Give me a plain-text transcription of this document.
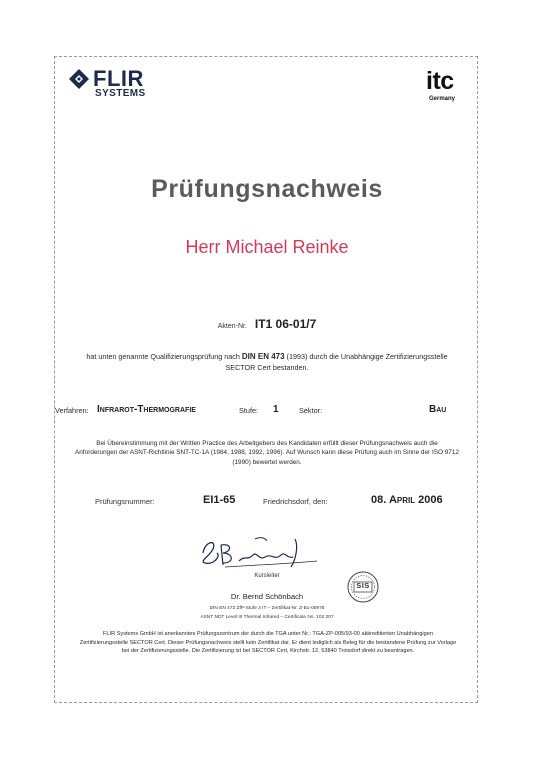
FLIR
SYSTEMS	itc
Germany
Prüfungsnachweis
Herr Michael Reinke
Akten-Nr. IT1 06-01/7
hat unten genannte Qualifizierungsprüfung nach DIN EN 473 (1993) durch die Unabhängige Zertifizierungsstelle SECTOR Cert bestanden.
Verfahren: Infrarot-Thermografie	Stufe: 1	Sektor:	Bau
Bei Übereinstimmung mit der Written Practice des Arbeitgebers des Kandidaten erfüllt dieser Prüfungsnachweis auch die Anforderungen der ASNT-Richtlinie SNT-TC-1A (1984, 1988, 1992, 1996). Auf Wunsch kann diese Prüfung auch im Sinne der ISO 9712 (1990) bewertet werden.
Prüfungsnummer:	EI1-65	Friedrichsdorf, den:	08. April 2006
Kursleiter
Dr. Bernd Schönbach
DIN EN 473 ZfP-Stufe 3 IT – Zertifikat-Nr. Z-B1-00978
ASNT NDT Level III Thermal Infrared – Certificate No. 102 207
SIS
FLIR Systems GmbH ist anerkanntes Prüfungszentrum der durch die TGA unter Nr.: TGA-ZP-005/93-00 akkreditierten Unabhängigen Zertifizierungsstelle SECTOR Cert. Dieser Prüfungsnachweis stellt kein Zertifikat dar. Er dient lediglich als Beleg für die bestandene Prüfung zur Vorlage bei der Zertifizierungsstelle. Die Zertifizierung ist bei SECTOR Cert, Kirchstr. 12, 53840 Troisdorf direkt zu beantragen.
